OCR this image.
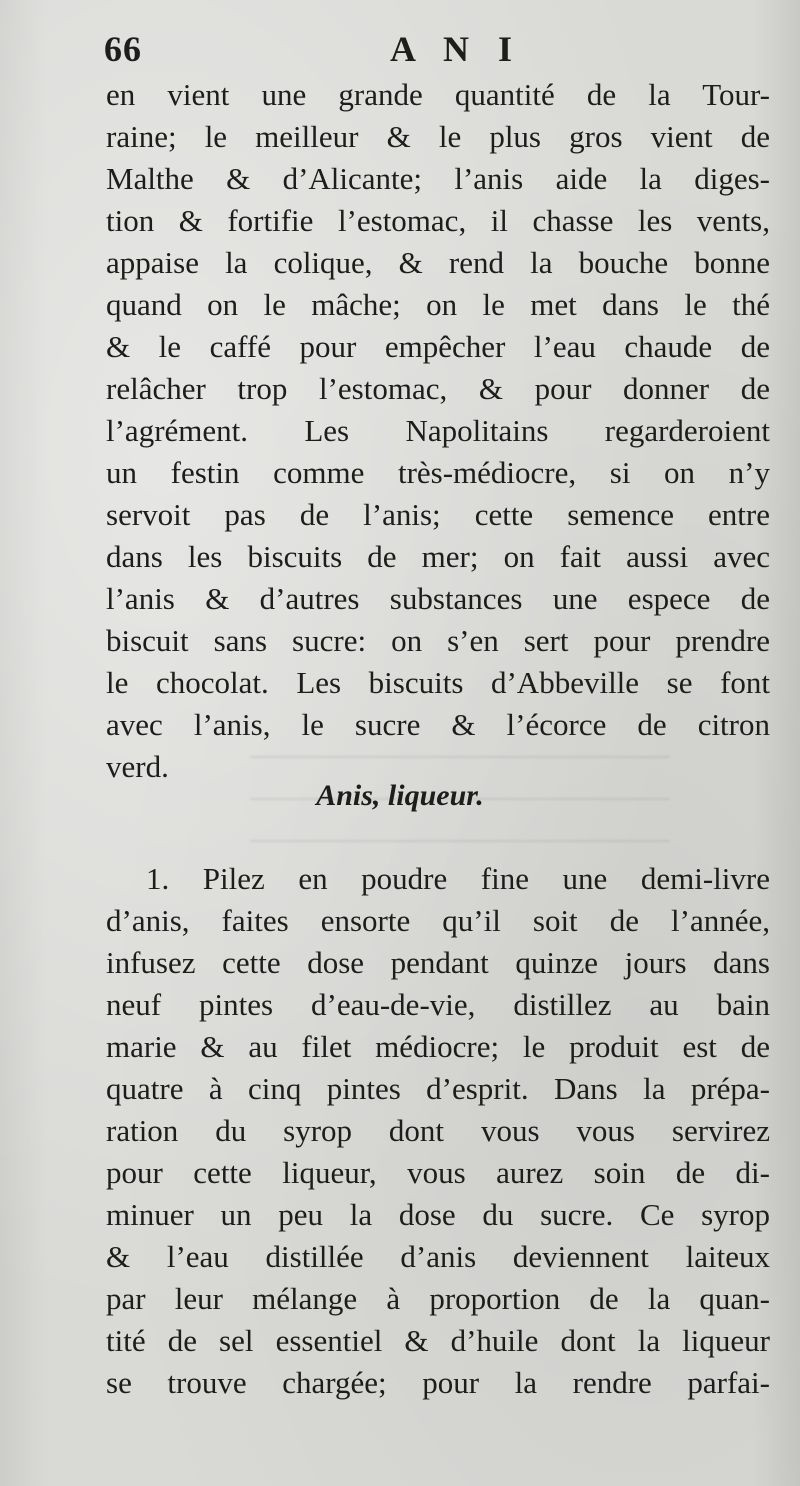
66	A N I
en vient une grande quantité de la Tour-
raine; le meilleur & le plus gros vient de
Malthe & d’Alicante; l’anis aide la diges-
tion & fortifie l’estomac, il chasse les vents,
appaise la colique, & rend la bouche bonne
quand on le mâche; on le met dans le thé
& le caffé pour empêcher l’eau chaude de
relâcher trop l’estomac, & pour donner de
l’agrément. Les Napolitains regarderoient
un festin comme très-médiocre, si on n’y
servoit pas de l’anis; cette semence entre
dans les biscuits de mer; on fait aussi avec
l’anis & d’autres substances une espece de
biscuit sans sucre: on s’en sert pour prendre
le chocolat. Les biscuits d’Abbeville se font
avec l’anis, le sucre & l’écorce de citron
verd.
Anis, liqueur.
1. Pilez en poudre fine une demi-livre
d’anis, faites ensorte qu’il soit de l’année,
infusez cette dose pendant quinze jours dans
neuf pintes d’eau-de-vie, distillez au bain
marie & au filet médiocre; le produit est de
quatre à cinq pintes d’esprit. Dans la prépa-
ration du syrop dont vous vous servirez
pour cette liqueur, vous aurez soin de di-
minuer un peu la dose du sucre. Ce syrop
& l’eau distillée d’anis deviennent laiteux
par leur mélange à proportion de la quan-
tité de sel essentiel & d’huile dont la liqueur
se trouve chargée; pour la rendre parfai-
